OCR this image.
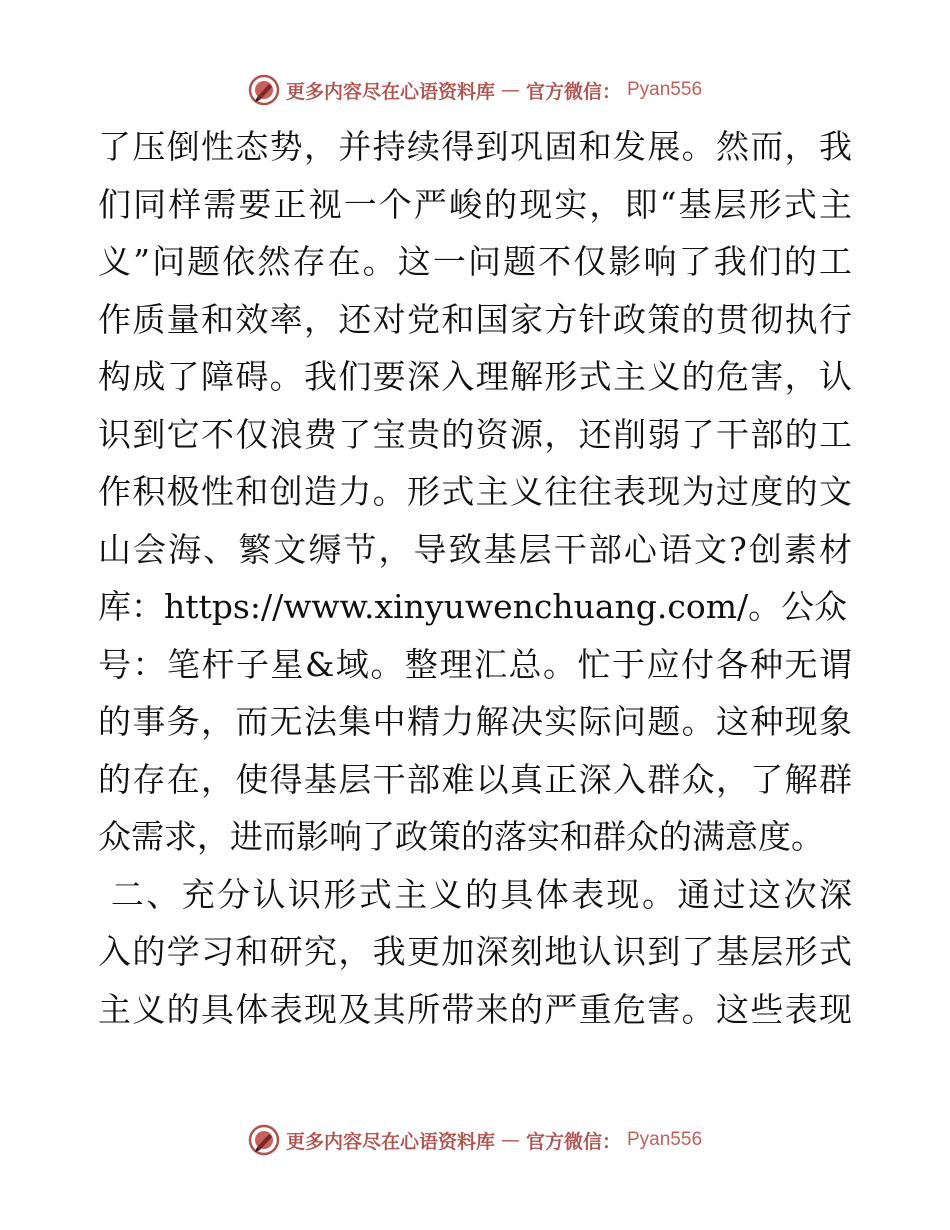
更多内容尽在心语资料库 — 官方微信： Pyan556
了压倒性态势，并持续得到巩固和发展。然而，我
们同样需要正视一个严峻的现实，即“基层形式主
义”问题依然存在。这一问题不仅影响了我们的工
作质量和效率，还对党和国家方针政策的贯彻执行
构成了障碍。我们要深入理解形式主义的危害，认
识到它不仅浪费了宝贵的资源，还削弱了干部的工
作积极性和创造力。形式主义往往表现为过度的文
山会海、繁文缛节，导致基层干部心语文?创素材
库：https://www.xinyuwenchuang.com/。公众
号：笔杆子星&域。整理汇总。忙于应付各种无谓
的事务，而无法集中精力解决实际问题。这种现象
的存在，使得基层干部难以真正深入群众，了解群
众需求，进而影响了政策的落实和群众的满意度。
二、充分认识形式主义的具体表现。通过这次深
入的学习和研究，我更加深刻地认识到了基层形式
主义的具体表现及其所带来的严重危害。这些表现
更多内容尽在心语资料库 — 官方微信： Pyan556
